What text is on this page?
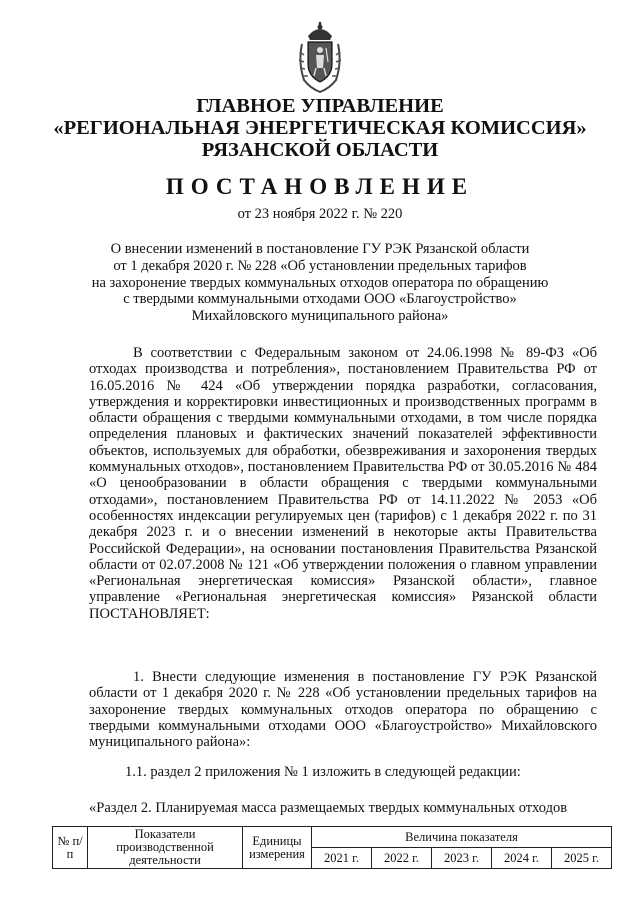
ГЛАВНОЕ УПРАВЛЕНИЕ
«РЕГИОНАЛЬНАЯ ЭНЕРГЕТИЧЕСКАЯ КОМИССИЯ»
РЯЗАНСКОЙ ОБЛАСТИ
ПОСТАНОВЛЕНИЕ
от 23 ноября 2022 г. № 220
О внесении изменений в постановление ГУ РЭК Рязанской области
от 1 декабря 2020 г. № 228 «Об установлении предельных тарифов
на захоронение твердых коммунальных отходов оператора по обращению
с твердыми коммунальными отходами ООО «Благоустройство»
Михайловского муниципального района»
В соответствии с Федеральным законом от 24.06.1998 № 89-ФЗ «Об отходах производства и потребления», постановлением Правительства РФ от 16.05.2016 № 424 «Об утверждении порядка разработки, согласования, утверждения и корректировки инвестиционных и производственных программ в области обращения с твердыми коммунальными отходами, в том числе порядка определения плановых и фактических значений показателей эффективности объектов, используемых для обработки, обезвреживания и захоронения твердых коммунальных отходов», постановлением Правительства РФ от 30.05.2016 № 484 «О ценообразовании в области обращения с твердыми коммунальными отходами», постановлением Правительства РФ от 14.11.2022 № 2053 «Об особенностях индексации регулируемых цен (тарифов) с 1 декабря 2022 г. по 31 декабря 2023 г. и о внесении изменений в некоторые акты Правительства Российской Федерации», на основании постановления Правительства Рязанской области от 02.07.2008 № 121 «Об утверждении положения о главном управлении «Региональная энергетическая комиссия» Рязанской области», главное управление «Региональная энергетическая комиссия» Рязанской области ПОСТАНОВЛЯЕТ:
1. Внести следующие изменения в постановление ГУ РЭК Рязанской области от 1 декабря 2020 г. № 228 «Об установлении предельных тарифов на захоронение твердых коммунальных отходов оператора по обращению с твердыми коммунальными отходами ООО «Благоустройство» Михайловского муниципального района»:
1.1. раздел 2 приложения № 1 изложить в следующей редакции:
«Раздел 2. Планируемая масса размещаемых твердых коммунальных отходов
№ п/п	Показатели производственной деятельности	Единицы измерения	Величина показателя				
			2021 г.	2022 г.	2023 г.	2024 г.	2025 г.
